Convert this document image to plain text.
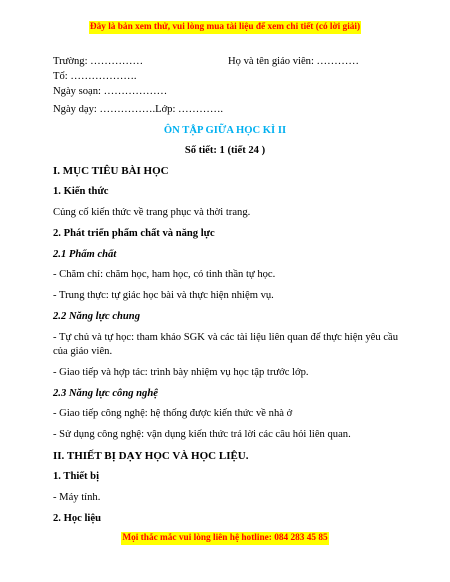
Đây là bản xem thử, vui lòng mua tài liệu để xem chi tiết (có lời giải)
Trường: ……………	Họ và tên giáo viên: …………
Tổ: ……………….
Ngày soạn: ………………
Ngày dạy: …………….Lớp: ………….
ÔN TẬP GIỮA HỌC KÌ II
Số tiết: 1 (tiết 24 )
I. MỤC TIÊU BÀI HỌC
1. Kiến thức
Củng cố kiến thức về trang phục và thời trang.
2. Phát triển phẩm chất và năng lực
2.1 Phẩm chất
- Chăm chỉ: chăm học, ham học, có tinh thần tự học.
- Trung thực: tự giác học bài và thực hiện nhiệm vụ.
2.2 Năng lực chung
- Tự chủ và tự học: tham khảo SGK và các tài liệu liên quan để thực hiện yêu cầu
của giáo viên.
- Giao tiếp và hợp tác: trình bày nhiệm vụ học tập trước lớp.
2.3 Năng lực công nghệ
- Giao tiếp công nghệ: hệ thống được kiến thức về nhà ở
- Sử dụng công nghệ: vận dụng kiến thức trả lời các câu hỏi liên quan.
II. THIẾT BỊ DẠY HỌC VÀ HỌC LIỆU.
1. Thiết bị
- Máy tính.
2. Học liệu
Mọi thắc mắc vui lòng liên hệ hotline: 084 283 45 85
